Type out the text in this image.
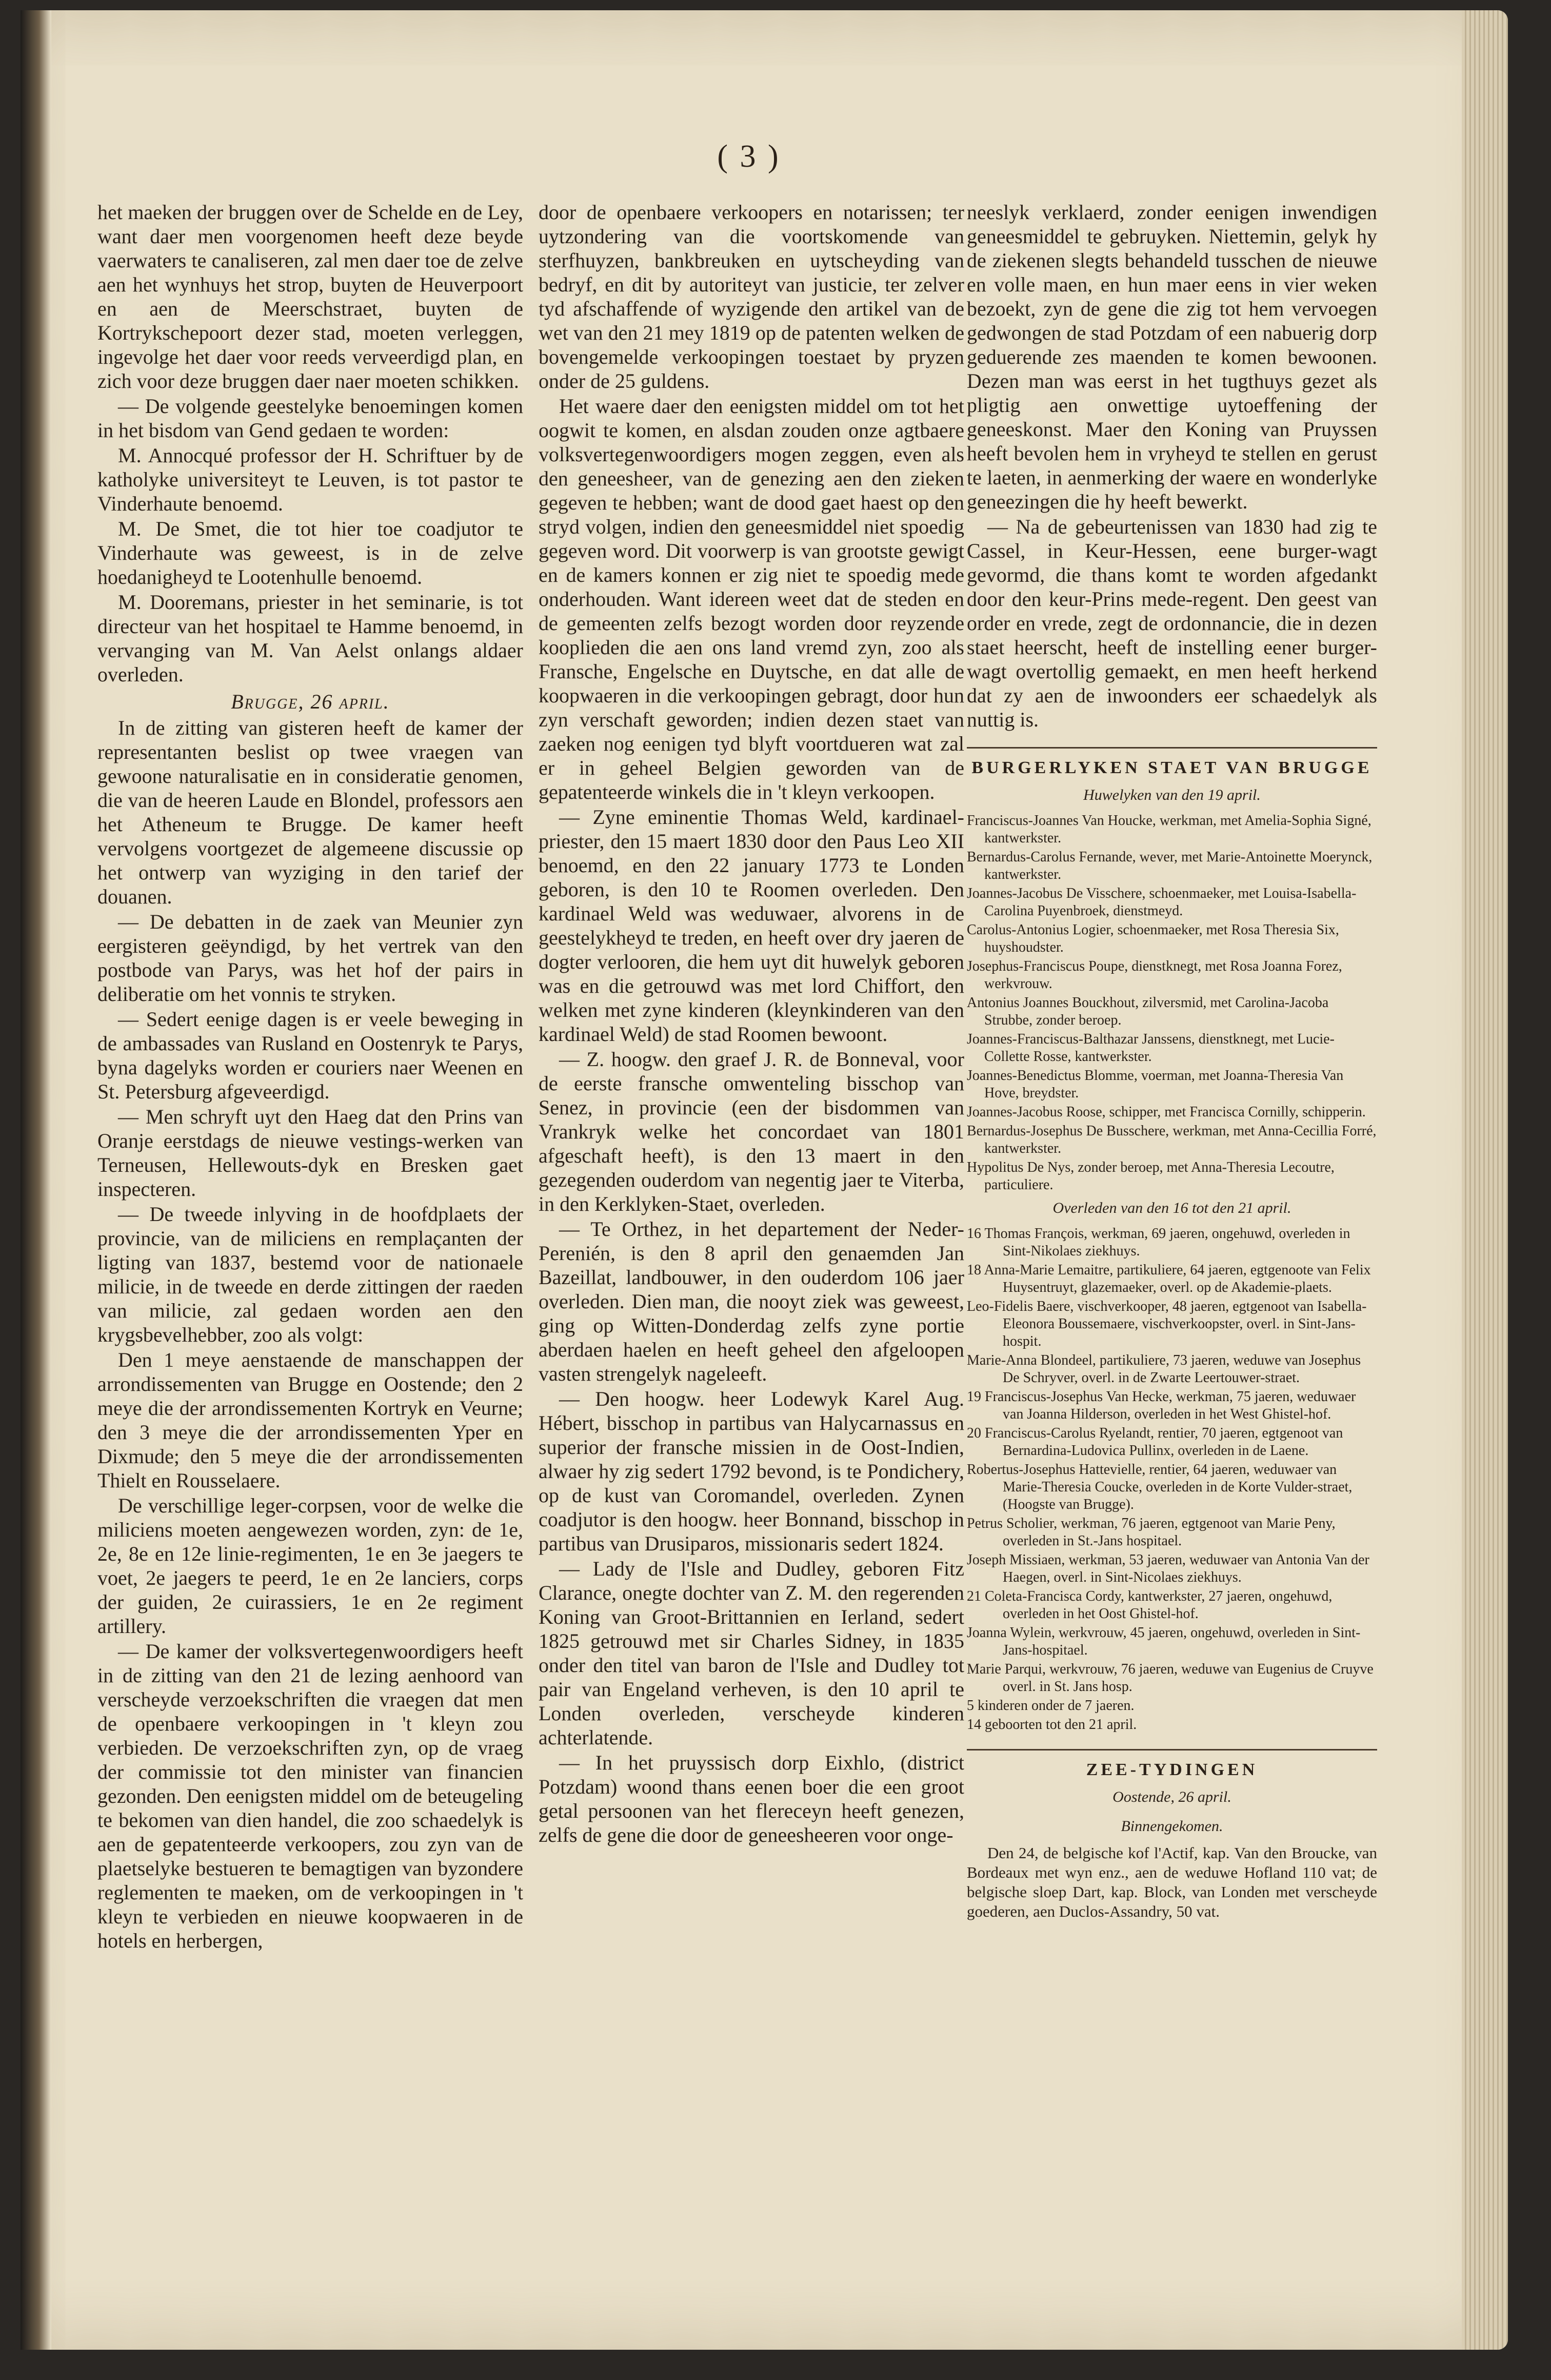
( 3 )

het maeken der bruggen over de Schelde en de Ley, want daer men voorgenomen heeft deze beyde vaerwaters te canaliseren, zal men daer toe de zelve aen het wynhuys het strop, buyten de Heuverpoort en aen de Meerschstraet, buyten de Kortrykschepoort dezer stad, moeten verleggen, ingevolge het daer voor reeds verveerdigd plan, en zich voor deze bruggen daer naer moeten schikken.

— De volgende geestelyke benoemingen komen in het bisdom van Gend gedaen te worden:

M. Annocqué professor der H. Schriftuer by de katholyke universiteyt te Leuven, is tot pastor te Vinderhaute benoemd.

M. De Smet, die tot hier toe coadjutor te Vinderhaute was geweest, is in de zelve hoedanigheyd te Lootenhulle benoemd.

M. Dooremans, priester in het seminarie, is tot directeur van het hospitael te Hamme benoemd, in vervanging van M. Van Aelst onlangs aldaer overleden.

Brugge, 26 april.

In de zitting van gisteren heeft de kamer der representanten beslist op twee vraegen van gewoone naturalisatie en in consideratie genomen, die van de heeren Laude en Blondel, professors aen het Atheneum te Brugge. De kamer heeft vervolgens voortgezet de algemeene discussie op het ontwerp van wyziging in den tarief der douanen.

— De debatten in de zaek van Meunier zyn eergisteren geëyndigd, by het vertrek van den postbode van Parys, was het hof der pairs in deliberatie om het vonnis te stryken.

— Sedert eenige dagen is er veele beweging in de ambassades van Rusland en Oostenryk te Parys, byna dagelyks worden er couriers naer Weenen en St. Petersburg afgeveerdigd.

— Men schryft uyt den Haeg dat den Prins van Oranje eerstdags de nieuwe vestings-werken van Terneusen, Hellewouts-dyk en Bresken gaet inspecteren.

— De tweede inlyving in de hoofdplaets der provincie, van de miliciens en remplaçanten der ligting van 1837, bestemd voor de nationaele milicie, in de tweede en derde zittingen der raeden van milicie, zal gedaen worden aen den krygsbevelhebber, zoo als volgt:

Den 1 meye aenstaende de manschappen der arrondissementen van Brugge en Oostende; den 2 meye die der arrondissementen Kortryk en Veurne; den 3 meye die der arrondissementen Yper en Dixmude; den 5 meye die der arrondissementen Thielt en Rousselaere.

De verschillige leger-corpsen, voor de welke die miliciens moeten aengewezen worden, zyn: de 1e, 2e, 8e en 12e linie-regimenten, 1e en 3e jaegers te voet, 2e jaegers te peerd, 1e en 2e lanciers, corps der guiden, 2e cuirassiers, 1e en 2e regiment artillery.

— De kamer der volksvertegenwoordigers heeft in de zitting van den 21 de lezing aenhoord van verscheyde verzoekschriften die vraegen dat men de openbaere verkoopingen in 't kleyn zou verbieden. De verzoekschriften zyn, op de vraeg der commissie tot den minister van financien gezonden. Den eenigsten middel om de beteugeling te bekomen van dien handel, die zoo schaedelyk is aen de gepatenteerde verkoopers, zou zyn van de plaetselyke bestueren te bemagtigen van byzondere reglementen te maeken, om de verkoopingen in 't kleyn te verbieden en nieuwe koopwaeren in de hotels en herbergen,

door de openbaere verkoopers en notarissen; ter uytzondering van die voortskomende van sterfhuyzen, bankbreuken en uytscheyding van bedryf, en dit by autoriteyt van justicie, ter zelver tyd afschaffende of wyzigende den artikel van de wet van den 21 mey 1819 op de patenten welken de bovengemelde verkoopingen toestaet by pryzen onder de 25 guldens.

Het waere daer den eenigsten middel om tot het oogwit te komen, en alsdan zouden onze agtbaere volksvertegenwoordigers mogen zeggen, even als den geneesheer, van de genezing aen den zieken gegeven te hebben; want de dood gaet haest op den stryd volgen, indien den geneesmiddel niet spoedig gegeven word. Dit voorwerp is van grootste gewigt en de kamers konnen er zig niet te spoedig mede onderhouden. Want idereen weet dat de steden en de gemeenten zelfs bezogt worden door reyzende kooplieden die aen ons land vremd zyn, zoo als Fransche, Engelsche en Duytsche, en dat alle de koopwaeren in die verkoopingen gebragt, door hun zyn verschaft geworden; indien dezen staet van zaeken nog eenigen tyd blyft voortdueren wat zal er in geheel Belgien geworden van de gepatenteerde winkels die in 't kleyn verkoopen.

— Zyne eminentie Thomas Weld, kardinael-priester, den 15 maert 1830 door den Paus Leo XII benoemd, en den 22 january 1773 te Londen geboren, is den 10 te Roomen overleden. Den kardinael Weld was weduwaer, alvorens in de geestelykheyd te treden, en heeft over dry jaeren de dogter verlooren, die hem uyt dit huwelyk geboren was en die getrouwd was met lord Chiffort, den welken met zyne kinderen (kleynkinderen van den kardinael Weld) de stad Roomen bewoont.

— Z. hoogw. den graef J. R. de Bonneval, voor de eerste fransche omwenteling bisschop van Senez, in provincie (een der bisdommen van Vrankryk welke het concordaet van 1801 afgeschaft heeft), is den 13 maert in den gezegenden ouderdom van negentig jaer te Viterba, in den Kerklyken-Staet, overleden.

— Te Orthez, in het departement der Neder-Perenién, is den 8 april den genaemden Jan Bazeillat, landbouwer, in den ouderdom 106 jaer overleden. Dien man, die nooyt ziek was geweest, ging op Witten-Donderdag zelfs zyne portie aberdaen haelen en heeft geheel den afgeloopen vasten strengelyk nageleeft.

— Den hoogw. heer Lodewyk Karel Aug. Hébert, bisschop in partibus van Halycarnassus en superior der fransche missien in de Oost-Indien, alwaer hy zig sedert 1792 bevond, is te Pondichery, op de kust van Coromandel, overleden. Zynen coadjutor is den hoogw. heer Bonnand, bisschop in partibus van Drusiparos, missionaris sedert 1824.

— Lady de l'Isle and Dudley, geboren Fitz Clarance, onegte dochter van Z. M. den regerenden Koning van Groot-Brittannien en Ierland, sedert 1825 getrouwd met sir Charles Sidney, in 1835 onder den titel van baron de l'Isle and Dudley tot pair van Engeland verheven, is den 10 april te Londen overleden, verscheyde kinderen achterlatende.

— In het pruyssisch dorp Eixhlo, (district Potzdam) woond thans eenen boer die een groot getal persoonen van het flereceyn heeft genezen, zelfs de gene die door de geneesheeren voor onge-

neeslyk verklaerd, zonder eenigen inwendigen geneesmiddel te gebruyken. Niettemin, gelyk hy de ziekenen slegts behandeld tusschen de nieuwe en volle maen, en hun maer eens in vier weken bezoekt, zyn de gene die zig tot hem vervoegen gedwongen de stad Potzdam of een nabuerig dorp geduerende zes maenden te komen bewoonen. Dezen man was eerst in het tugthuys gezet als pligtig aen onwettige uytoeffening der geneeskonst. Maer den Koning van Pruyssen heeft bevolen hem in vryheyd te stellen en gerust te laeten, in aenmerking der waere en wonderlyke geneezingen die hy heeft bewerkt.

— Na de gebeurtenissen van 1830 had zig te Cassel, in Keur-Hessen, eene burger-wagt gevormd, die thans komt te worden afgedankt door den keur-Prins mede-regent. Den geest van order en vrede, zegt de ordonnancie, die in dezen staet heerscht, heeft de instelling eener burger-wagt overtollig gemaekt, en men heeft herkend dat zy aen de inwoonders eer schaedelyk als nuttig is.

BURGERLYKEN STAET VAN BRUGGE
Huwelyken van den 19 april.
Franciscus-Joannes Van Houcke, werkman, met Amelia-Sophia Signé, kantwerkster.
Bernardus-Carolus Fernande, wever, met Marie-Antoinette Moerynck, kantwerkster.
Joannes-Jacobus De Visschere, schoenmaeker, met Louisa-Isabella-Carolina Puyenbroek, dienstmeyd.
Carolus-Antonius Logier, schoenmaeker, met Rosa Theresia Six, huyshoudster.
Josephus-Franciscus Poupe, dienstknegt, met Rosa Joanna Forez, werkvrouw.
Antonius Joannes Bouckhout, zilversmid, met Carolina-Jacoba Strubbe, zonder beroep.
Joannes-Franciscus-Balthazar Janssens, dienstknegt, met Lucie-Collette Rosse, kantwerkster.
Joannes-Benedictus Blomme, voerman, met Joanna-Theresia Van Hove, breydster.
Joannes-Jacobus Roose, schipper, met Francisca Cornilly, schipperin.
Bernardus-Josephus De Busschere, werkman, met Anna-Cecillia Forré, kantwerkster.
Hypolitus De Nys, zonder beroep, met Anna-Theresia Lecoutre, particuliere.
Overleden van den 16 tot den 21 april.
16 Thomas François, werkman, 69 jaeren, ongehuwd, overleden in Sint-Nikolaes ziekhuys.
18 Anna-Marie Lemaitre, partikuliere, 64 jaeren, egtgenoote van Felix Huysentruyt, glazemaeker, overl. op de Akademie-plaets.
Leo-Fidelis Baere, vischverkooper, 48 jaeren, egtgenoot van Isabella-Eleonora Boussemaere, vischverkoopster, overl. in Sint-Jans-hospit.
Marie-Anna Blondeel, partikuliere, 73 jaeren, weduwe van Josephus De Schryver, overl. in de Zwarte Leertouwer-straet.
19 Franciscus-Josephus Van Hecke, werkman, 75 jaeren, weduwaer van Joanna Hilderson, overleden in het West Ghistel-hof.
20 Franciscus-Carolus Ryelandt, rentier, 70 jaeren, egtgenoot van Bernardina-Ludovica Pullinx, overleden in de Laene.
Robertus-Josephus Hattevielle, rentier, 64 jaeren, weduwaer van Marie-Theresia Coucke, overleden in de Korte Vulder-straet, (Hoogste van Brugge).
Petrus Scholier, werkman, 76 jaeren, egtgenoot van Marie Peny, overleden in St.-Jans hospitael.
Joseph Missiaen, werkman, 53 jaeren, weduwaer van Antonia Van der Haegen, overl. in Sint-Nicolaes ziekhuys.
21 Coleta-Francisca Cordy, kantwerkster, 27 jaeren, ongehuwd, overleden in het Oost Ghistel-hof.
Joanna Wylein, werkvrouw, 45 jaeren, ongehuwd, overleden in Sint-Jans-hospitael.
Marie Parqui, werkvrouw, 76 jaeren, weduwe van Eugenius de Cruyve overl. in St. Jans hosp.
5 kinderen onder de 7 jaeren.
14 geboorten tot den 21 april.
ZEE-TYDINGEN
Oostende, 26 april.
Binnengekomen.

Den 24, de belgische kof l'Actif, kap. Van den Broucke, van Bordeaux met wyn enz., aen de weduwe Hofland 110 vat; de belgische sloep Dart, kap. Block, van Londen met verscheyde goederen, aen Duclos-Assandry, 50 vat.
